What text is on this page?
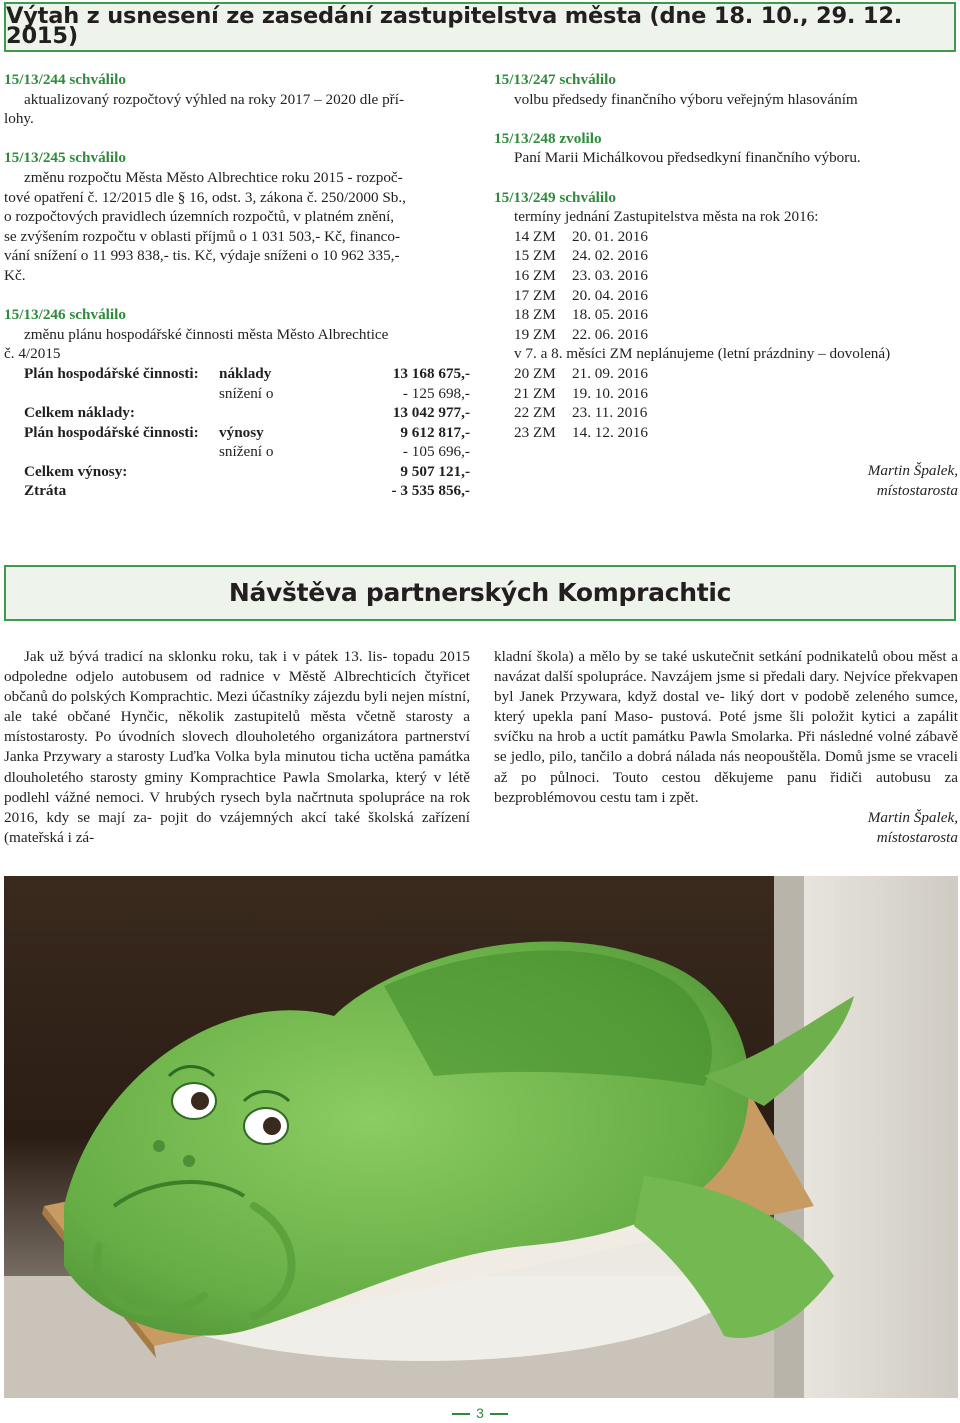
Výtah z usnesení ze zasedání zastupitelstva města (dne 18. 10., 29. 12. 2015)
15/13/244 schválilo
aktualizovaný rozpočtový výhled na roky 2017 – 2020 dle pří-
lohy.
15/13/245 schválilo
změnu rozpočtu Města Město Albrechtice roku 2015 - rozpoč-
tové opatření č. 12/2015 dle § 16, odst. 3, zákona č. 250/2000 Sb.,
o rozpočtových pravidlech územních rozpočtů, v platném znění,
se zvýšením rozpočtu v oblasti příjmů o 1 031 503,- Kč, financo-
vání snížení o 11 993 838,- tis. Kč, výdaje sníženi o 10 962 335,-
Kč.
15/13/246 schválilo
změnu plánu hospodářské činnosti města Město Albrechtice
č. 4/2015
Plán hospodářské činnosti:	náklady	13 168 675,-
	snížení o	- 125 698,-
Celkem náklady:		13 042 977,-
Plán hospodářské činnosti:	výnosy	9 612 817,-
	snížení o	- 105 696,-
Celkem výnosy:		9 507 121,-
Ztráta		- 3 535 856,-
15/13/247 schválilo
volbu předsedy finančního výboru veřejným hlasováním
15/13/248 zvolilo
Paní Marii Michálkovou předsedkyní finančního výboru.
15/13/249 schválilo
termíny jednání Zastupitelstva města na rok 2016:
14 ZM	20. 01. 2016
15 ZM	24. 02. 2016
16 ZM	23. 03. 2016
17 ZM	20. 04. 2016
18 ZM	18. 05. 2016
19 ZM	22. 06. 2016
v 7. a 8. měsíci ZM neplánujeme (letní prázdniny – dovolená)
20 ZM	21. 09. 2016
21 ZM	19. 10. 2016
22 ZM	23. 11. 2016
23 ZM	14. 12. 2016
Martin Špalek,
místostarosta
Návštěva partnerských Komprachtic
Jak už bývá tradicí na sklonku roku, tak i v pátek 13. lis- topadu 2015 odpoledne odjelo autobusem od radnice v Městě Albrechticích čtyřicet občanů do polských Komprachtic. Mezi účastníky zájezdu byli nejen místní, ale také občané Hynčic, několik zastupitelů města včetně starosty a místostarosty. Po úvodních slovech dlouholetého organizátora partnerství Janka Przywary a starosty Luďka Volka byla minutou ticha uctěna památka dlouholetého starosty gminy Komprachtice Pawla Smolarka, který v létě podlehl vážné nemoci. V hrubých rysech byla načrtnuta spolupráce na rok 2016, kdy se mají za- pojit do vzájemných akcí také školská zařízení (mateřská i zá-
kladní škola) a mělo by se také uskutečnit setkání podnikatelů obou měst a navázat další spolupráce. Navzájem jsme si předali dary. Nejvíce překvapen byl Janek Przywara, když dostal ve- liký dort v podobě zeleného sumce, který upekla paní Maso- pustová. Poté jsme šli položit kytici a zapálit svíčku na hrob a uctít památku Pawla Smolarka. Při následné volné zábavě se jedlo, pilo, tančilo a dobrá nálada nás neopouštěla. Domů jsme se vraceli až po půlnoci. Touto cestou děkujeme panu řidiči autobusu za bezproblémovou cestu tam i zpět.
Martin Špalek,
místostarosta
3
